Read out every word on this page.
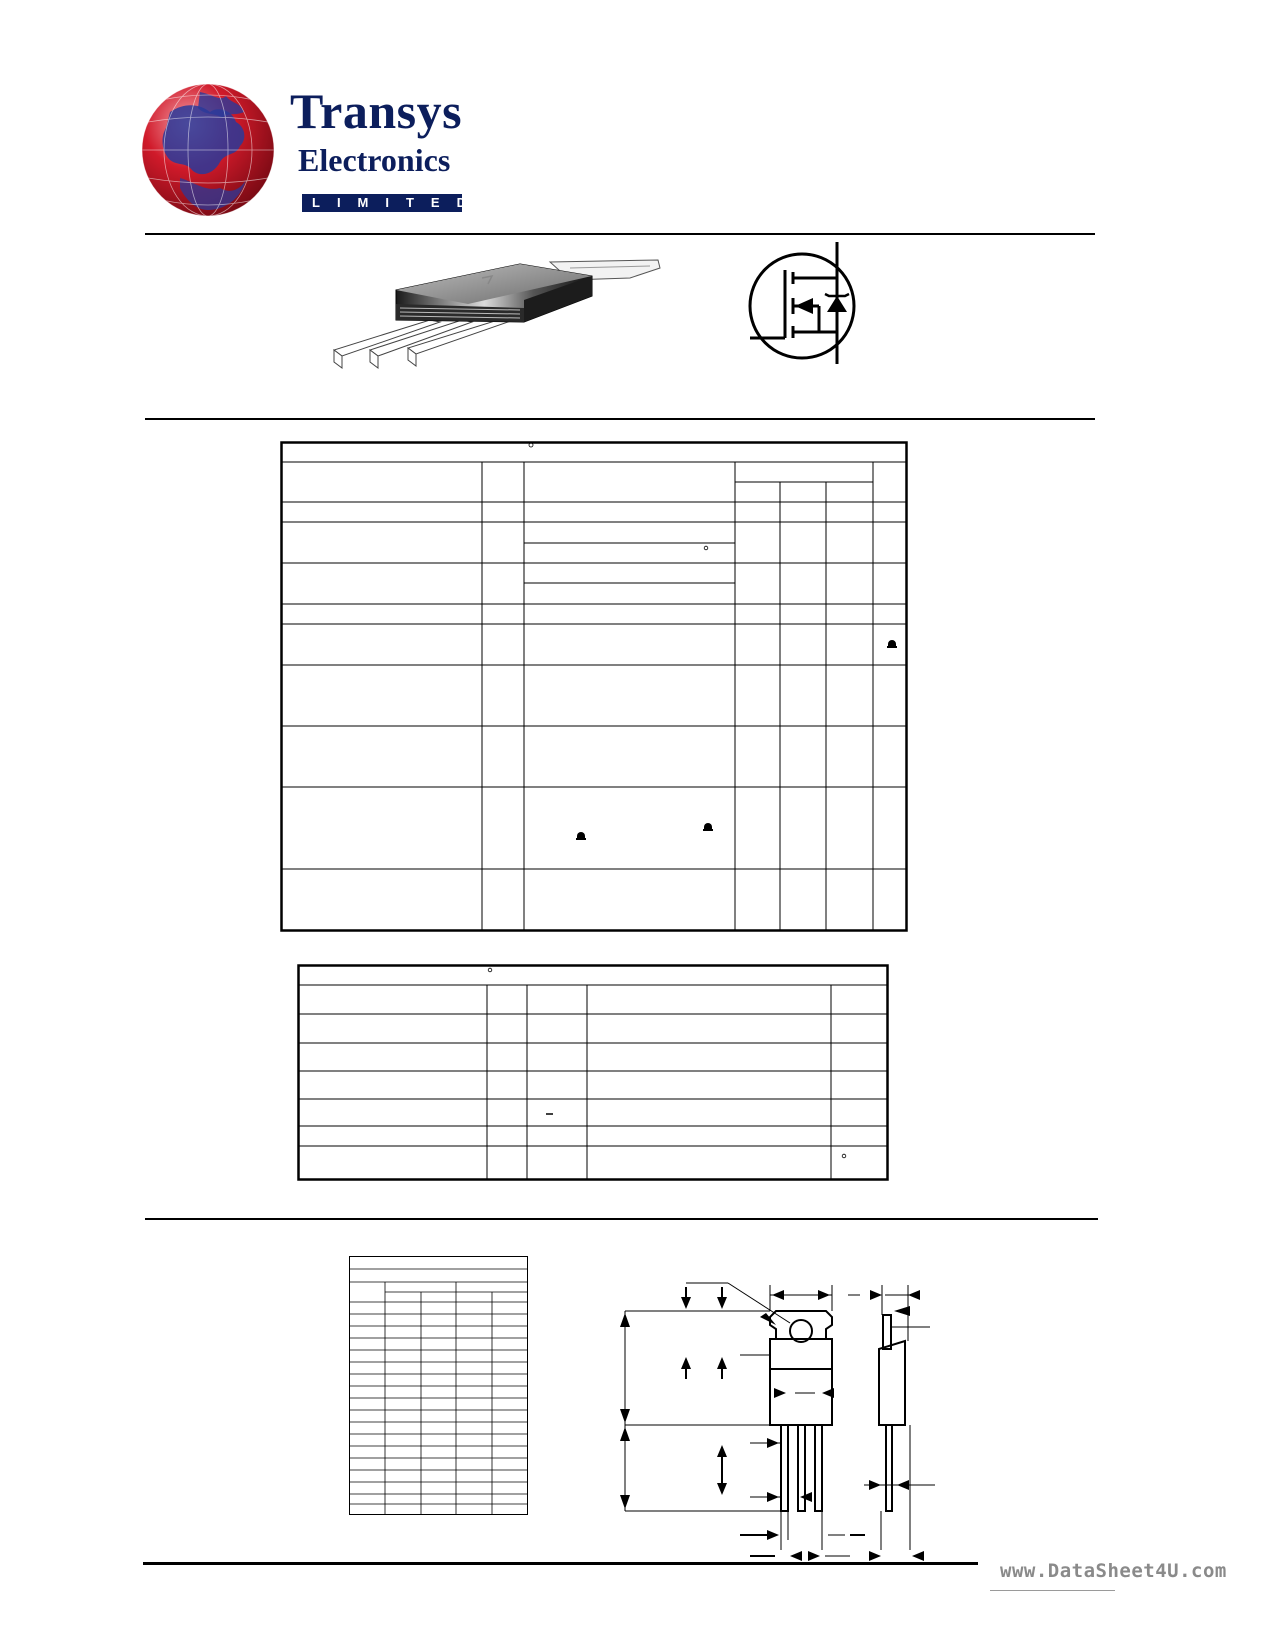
Transys
Electronics
LIMITED
www.DataSheet4U.com
